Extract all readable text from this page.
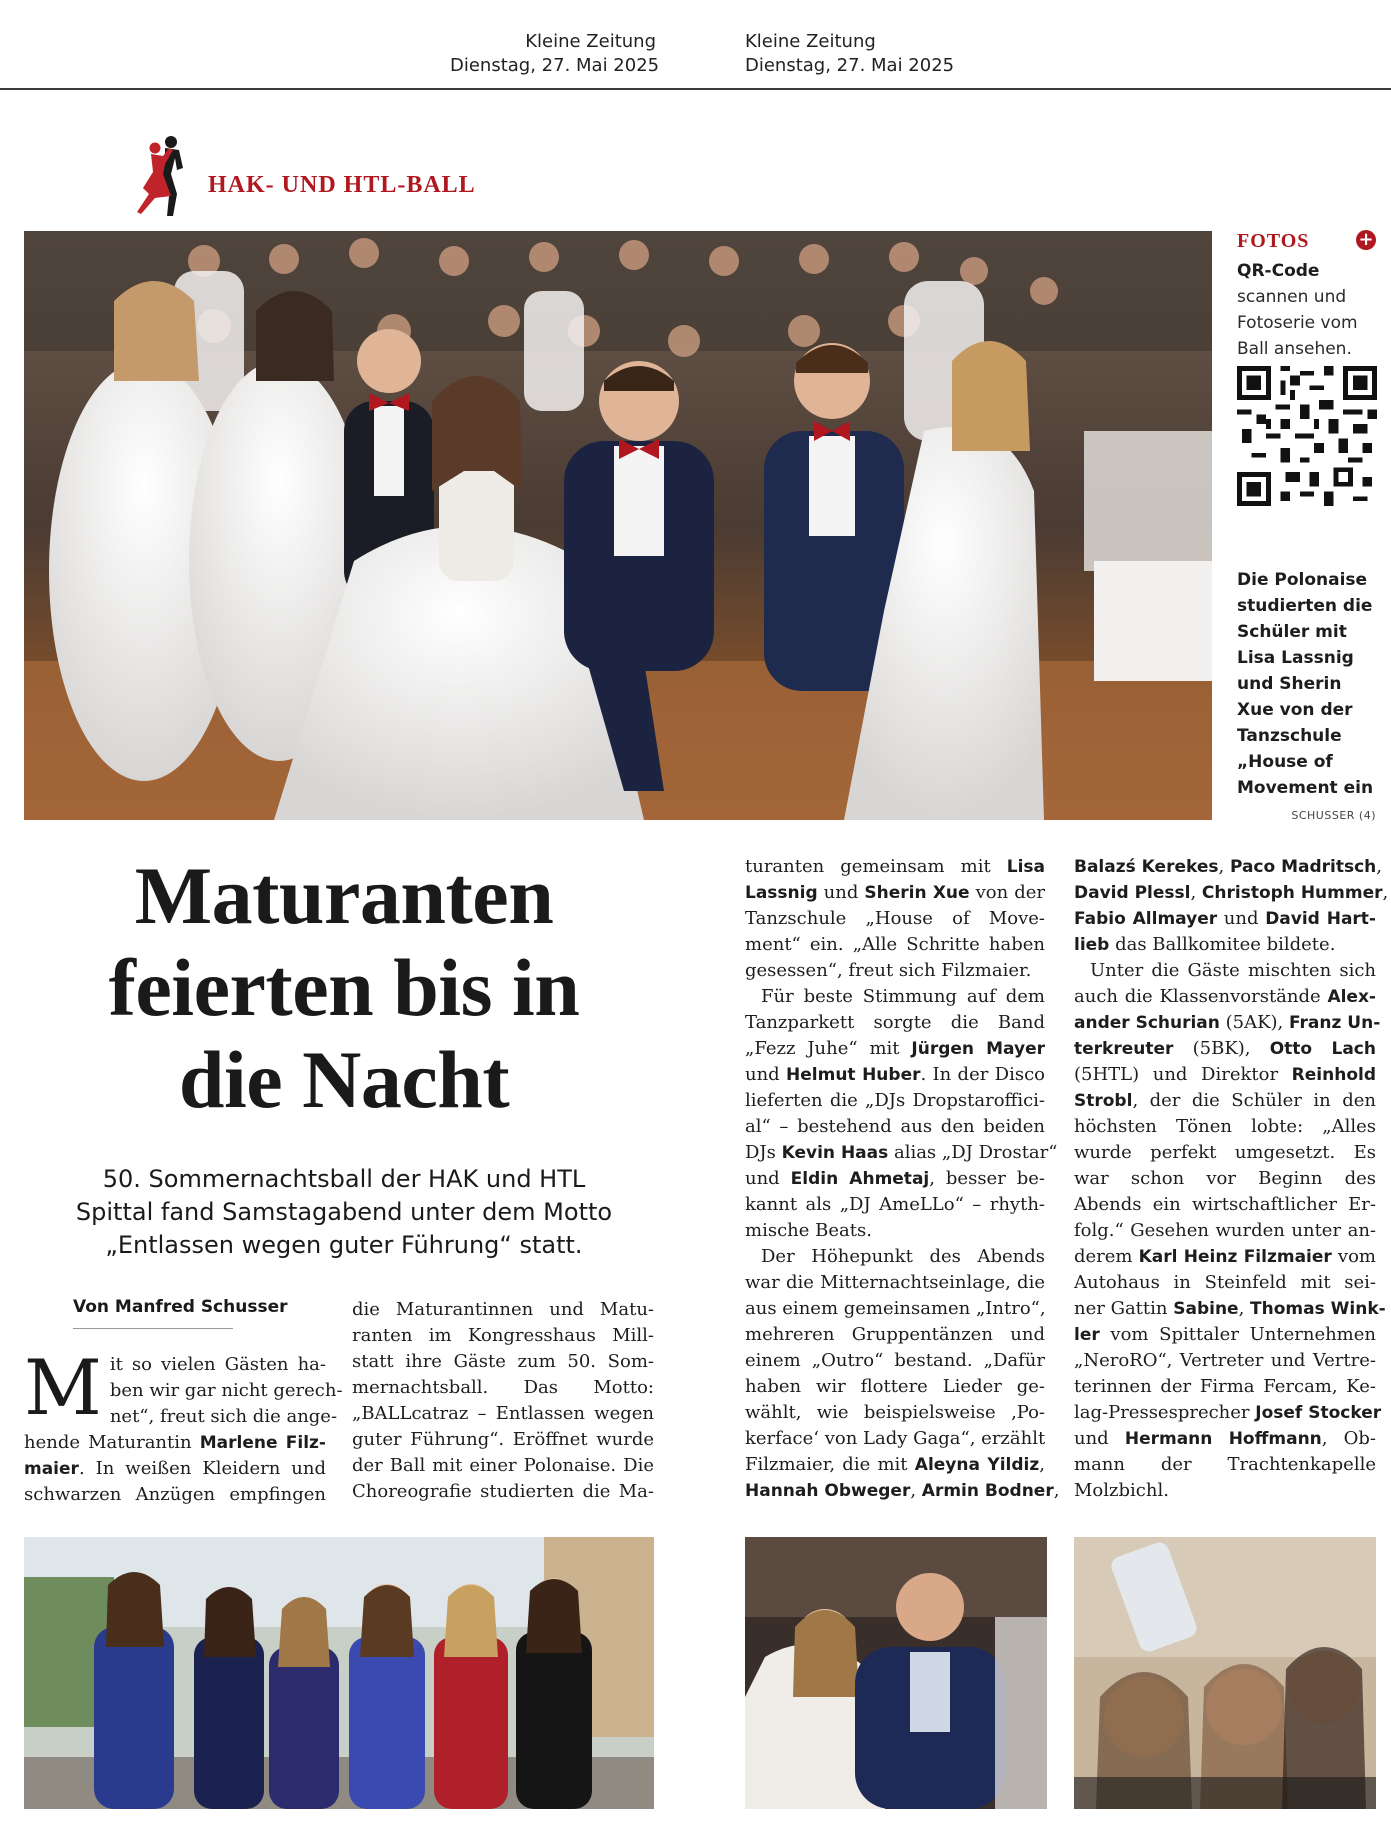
Kleine Zeitung
Dienstag, 27. Mai 2025
Kleine Zeitung
Dienstag, 27. Mai 2025
HAK- UND HTL-BALL
FOTOS	+
QR-Code
scannen und
Fotoserie vom
Ball ansehen.
Die Polonaise
studierten die
Schüler mit
Lisa Lassnig
und Sherin
Xue von der
Tanzschule
„House of
Movement ein
SCHUSSER (4)
Maturanten
feierten bis in
die Nacht
50. Sommernachtsball der HAK und HTL
Spittal fand Samstagabend unter dem Motto
„Entlassen wegen guter Führung“ statt.
Von Manfred Schusser
M it so vielen Gästen ha-
ben wir gar nicht gerech-
net“, freut sich die ange-
hende Maturantin Marlene Filz-
maier. In weißen Kleidern und
schwarzen Anzügen empfingen
die Maturantinnen und Matu-
ranten im Kongresshaus Mill-
statt ihre Gäste zum 50. Som-
mernachtsball. Das Motto:
„BALLcatraz – Entlassen wegen
guter Führung“. Eröffnet wurde
der Ball mit einer Polonaise. Die
Choreografie studierten die Ma-
turanten gemeinsam mit Lisa
Lassnig und Sherin Xue von der
Tanzschule „House of Move-
ment“ ein. „Alle Schritte haben
gesessen“, freut sich Filzmaier.
Für beste Stimmung auf dem
Tanzparkett sorgte die Band
„Fezz Juhe“ mit Jürgen Mayer
und Helmut Huber. In der Disco
lieferten die „DJs Dropstaroffici-
al“ – bestehend aus den beiden
DJs Kevin Haas alias „DJ Drostar“
und Eldin Ahmetaj, besser be-
kannt als „DJ AmeLLo“ – rhyth-
mische Beats.
Der Höhepunkt des Abends
war die Mitternachtseinlage, die
aus einem gemeinsamen „Intro“,
mehreren Gruppentänzen und
einem „Outro“ bestand. „Dafür
haben wir flottere Lieder ge-
wählt, wie beispielsweise ‚Po-
kerface‘ von Lady Gaga“, erzählt
Filzmaier, die mit Aleyna Yildiz,
Hannah Obweger, Armin Bodner,
Balazś Kerekes, Paco Madritsch,
David Plessl, Christoph Hummer,
Fabio Allmayer und David Hart-
lieb das Ballkomitee bildete.
Unter die Gäste mischten sich
auch die Klassenvorstände Alex-
ander Schurian (5AK), Franz Un-
terkreuter (5BK), Otto Lach
(5HTL) und Direktor Reinhold
Strobl, der die Schüler in den
höchsten Tönen lobte: „Alles
wurde perfekt umgesetzt. Es
war schon vor Beginn des
Abends ein wirtschaftlicher Er-
folg.“ Gesehen wurden unter an-
derem Karl Heinz Filzmaier vom
Autohaus in Steinfeld mit sei-
ner Gattin Sabine, Thomas Wink-
ler vom Spittaler Unternehmen
„NeroRO“, Vertreter und Vertre-
terinnen der Firma Fercam, Ke-
lag-Pressesprecher Josef Stocker
und Hermann Hoffmann, Ob-
mann der Trachtenkapelle
Molzbichl.
